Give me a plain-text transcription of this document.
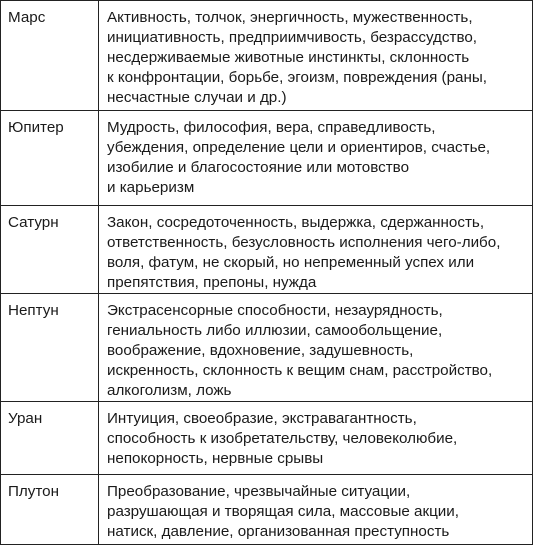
Марс	Активность, толчок, энергичность, мужественность,
инициативность, предприимчивость, безрассудство,
несдерживаемые животные инстинкты, склонность
к конфронтации, борьбе, эгоизм, повреждения (раны,
несчастные случаи и др.)

Юпитер	Мудрость, философия, вера, справедливость,
убеждения, определение цели и ориентиров, счастье,
изобилие и благосостояние или мотовство
и карьеризм

Сатурн	Закон, сосредоточенность, выдержка, сдержанность,
ответственность, безусловность исполнения чего-либо,
воля, фатум, не скорый, но непременный успех или
препятствия, препоны, нужда

Нептун	Экстрасенсорные способности, незаурядность,
гениальность либо иллюзии, самообольщение,
воображение, вдохновение, задушевность,
искренность, склонность к вещим снам, расстройство,
алкоголизм, ложь

Уран	Интуиция, своеобразие, экстравагантность,
способность к изобретательству, человеколюбие,
непокорность, нервные срывы

Плутон	Преобразование, чрезвычайные ситуации,
разрушающая и творящая сила, массовые акции,
натиск, давление, организованная преступность
